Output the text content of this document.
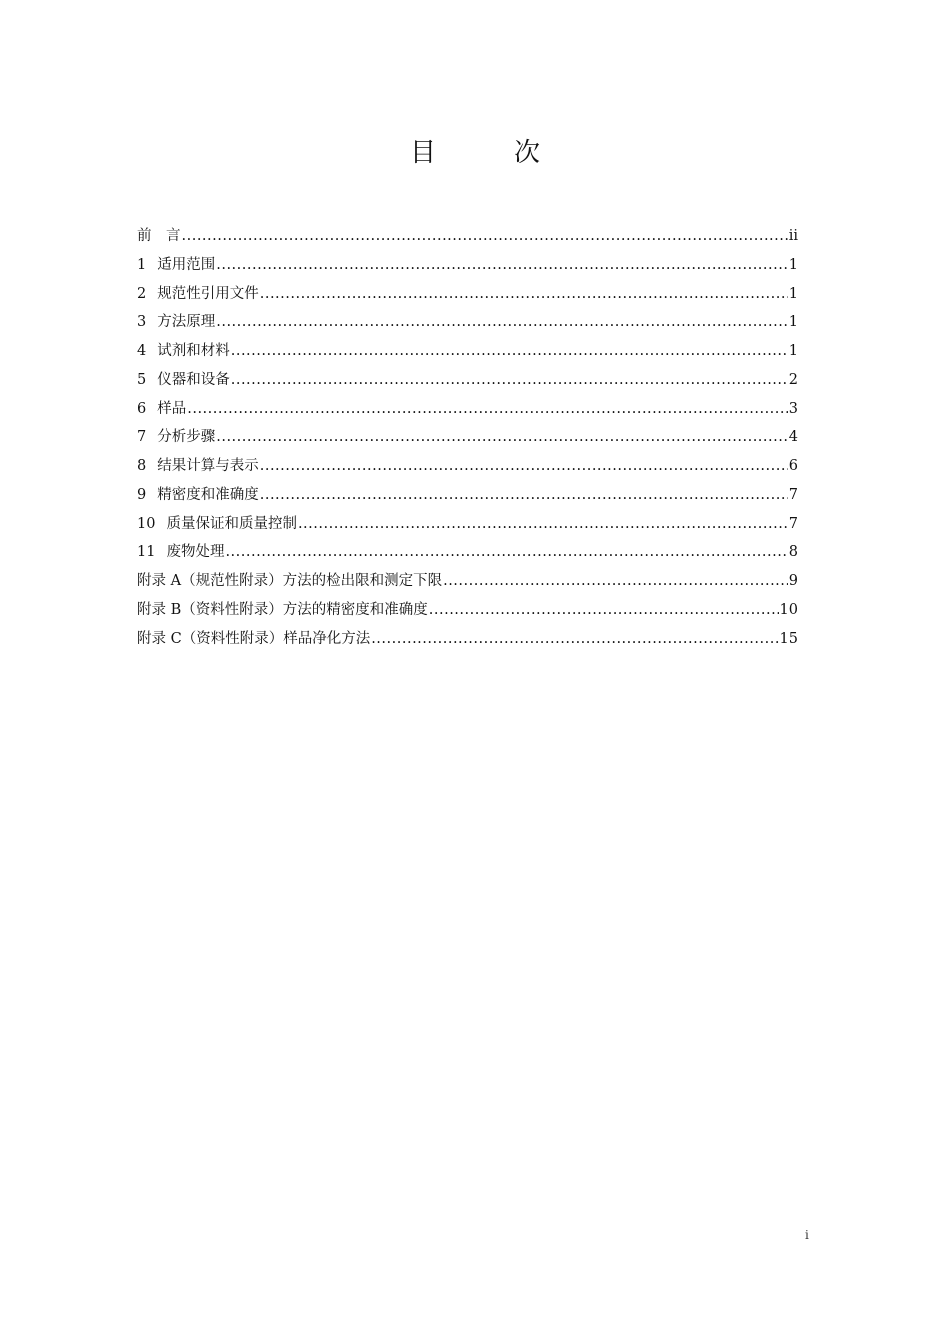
目　次
前　言 .....	ii
1 适用范围 .....	1
2 规范性引用文件 .....	1
3 方法原理 .....	1
4 试剂和材料 .....	1
5 仪器和设备 .....	2
6 样品 .....	3
7 分析步骤 .....	4
8 结果计算与表示 .....	6
9 精密度和准确度 .....	7
10 质量保证和质量控制 .....	7
11 废物处理 .....	8
附录 A（规范性附录）方法的检出限和测定下限 .....	9
附录 B（资料性附录）方法的精密度和准确度 .....	10
附录 C（资料性附录）样品净化方法 .....	15
i
